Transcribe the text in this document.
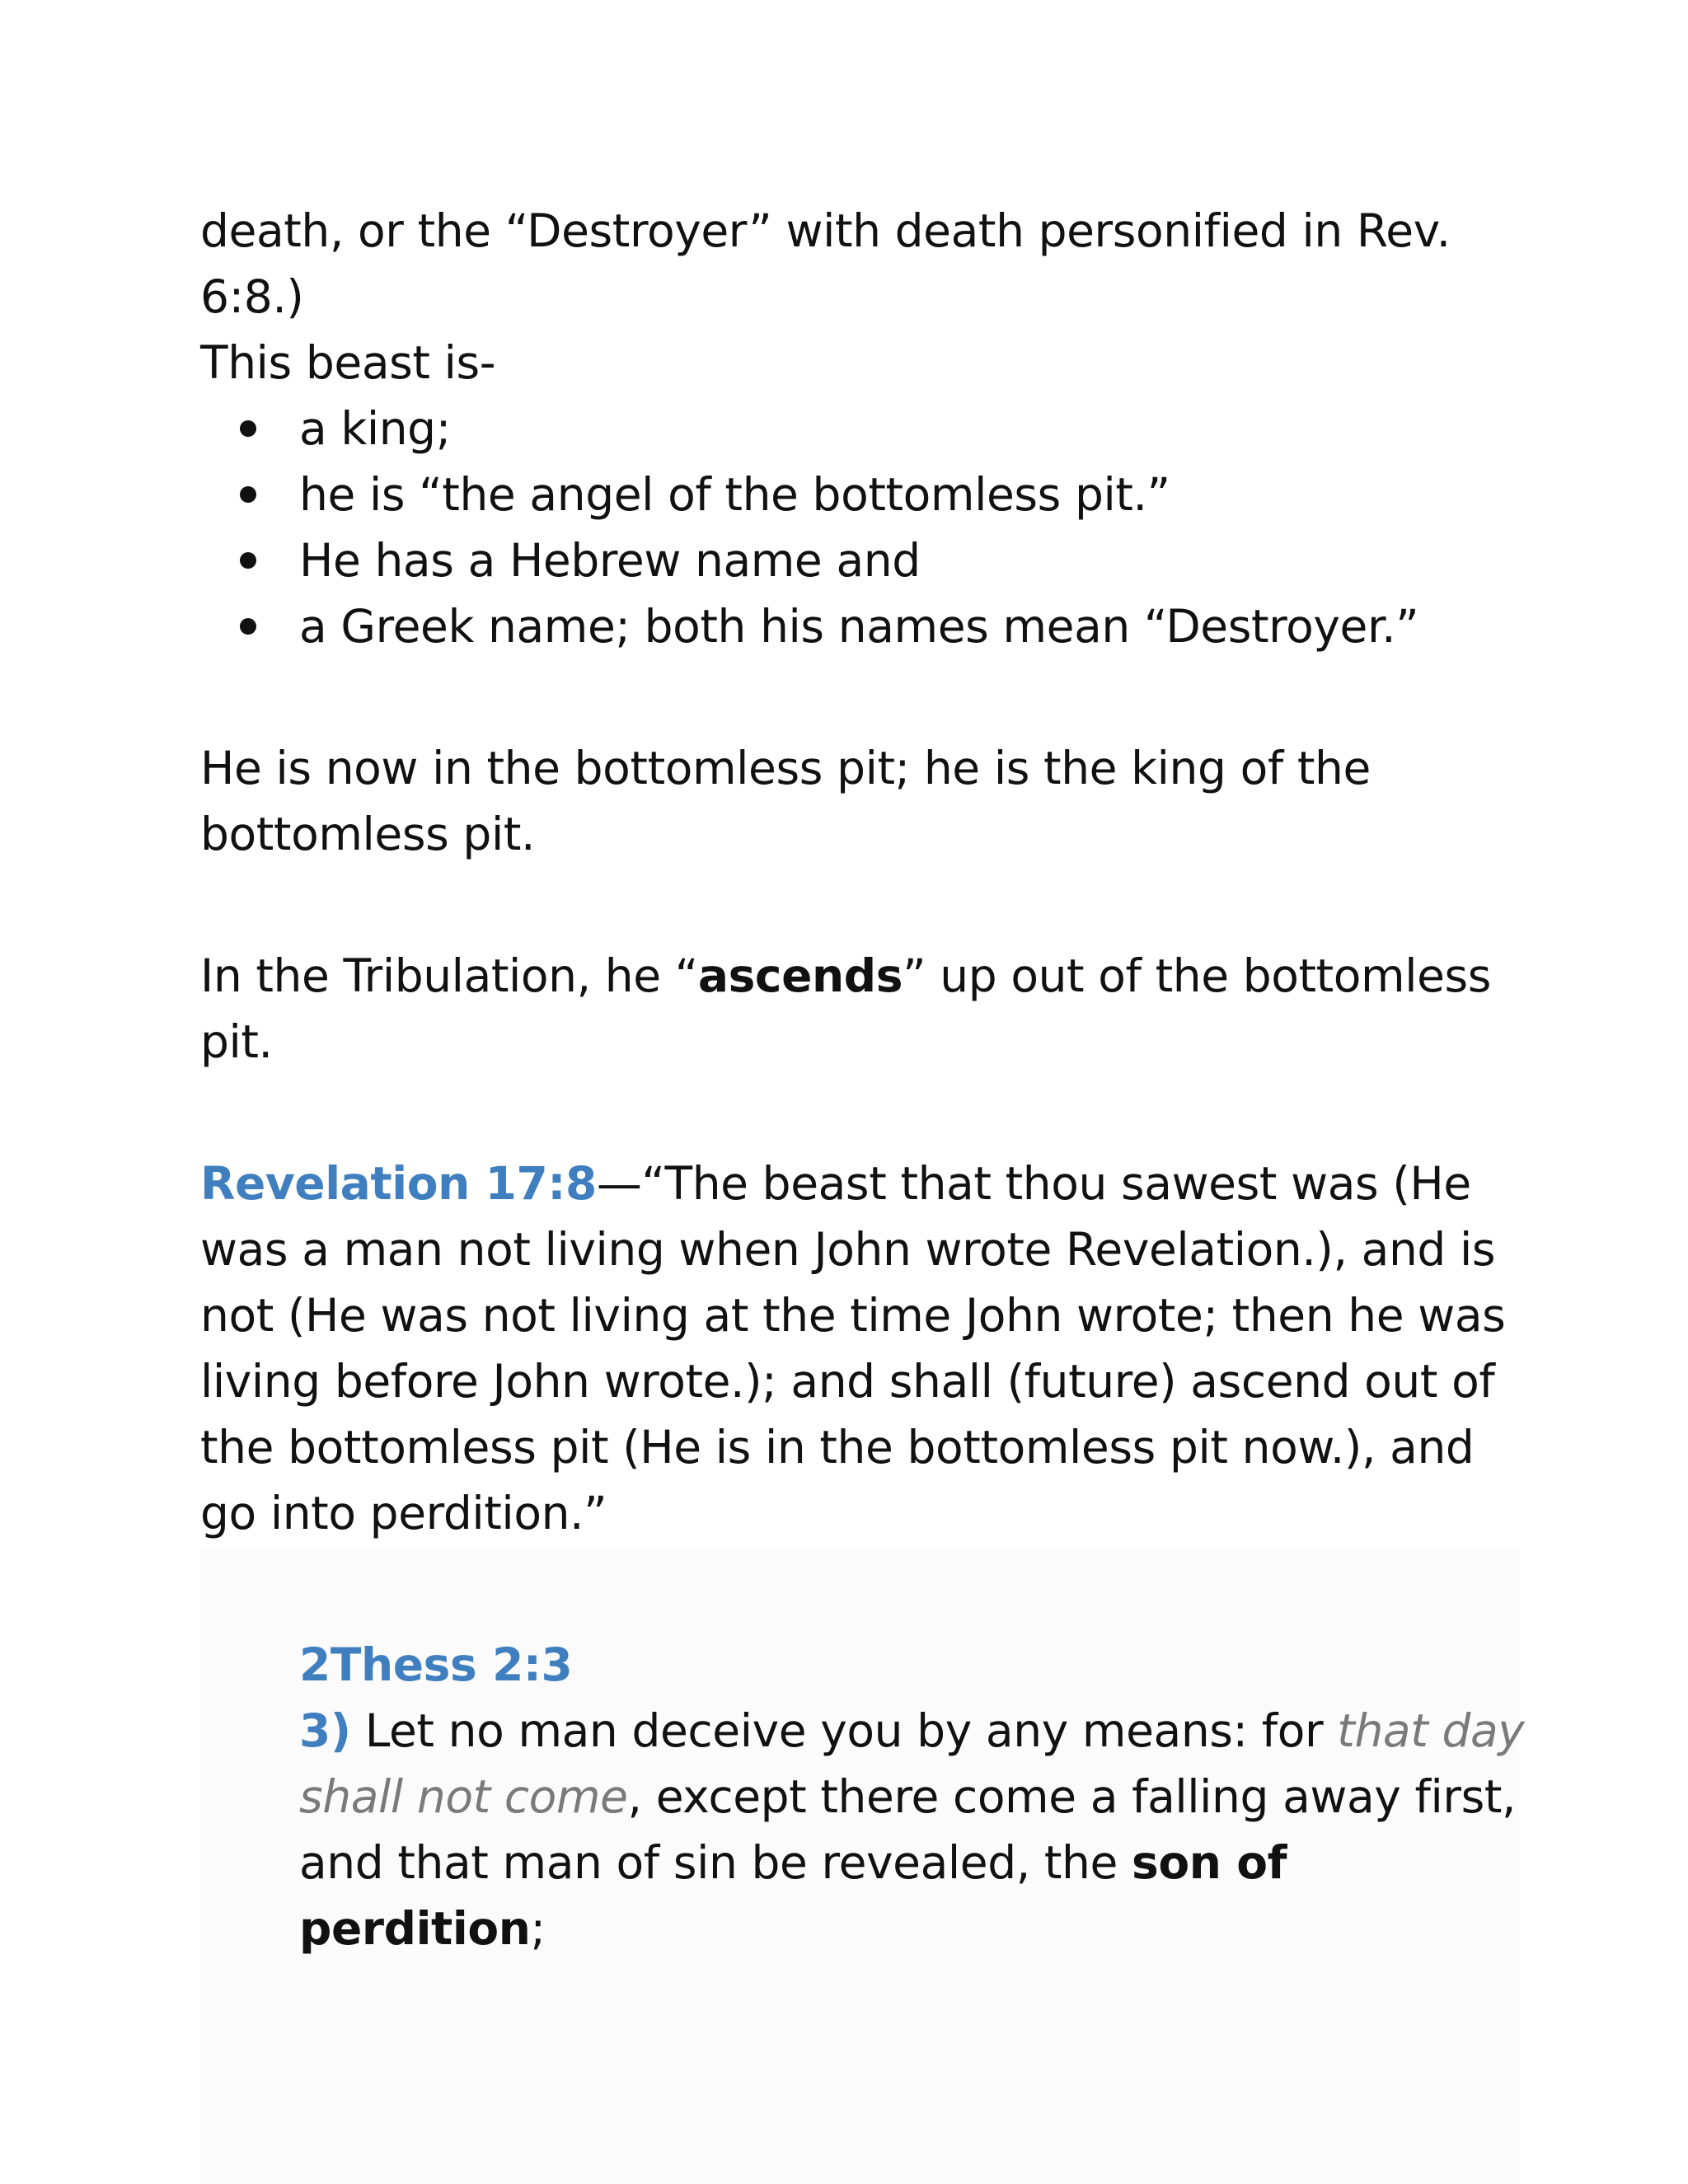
death, or the “Destroyer” with death personified in Rev.

6:8.)

This beast is-

a king;
he is “the angel of the bottomless pit.”
He has a Hebrew name and
a Greek name; both his names mean “Destroyer.”

He is now in the bottomless pit; he is the king of the

bottomless pit.

In the Tribulation, he “ascends” up out of the bottomless

pit.

Revelation 17:8—“The beast that thou sawest was (He

was a man not living when John wrote Revelation.), and is

not (He was not living at the time John wrote; then he was

living before John wrote.); and shall (future) ascend out of

the bottomless pit (He is in the bottomless pit now.), and

go into perdition.”

2Thess 2:3

3) Let no man deceive you by any means: for that day

shall not come, except there come a falling away first,

and that man of sin be revealed, the son of

perdition;
